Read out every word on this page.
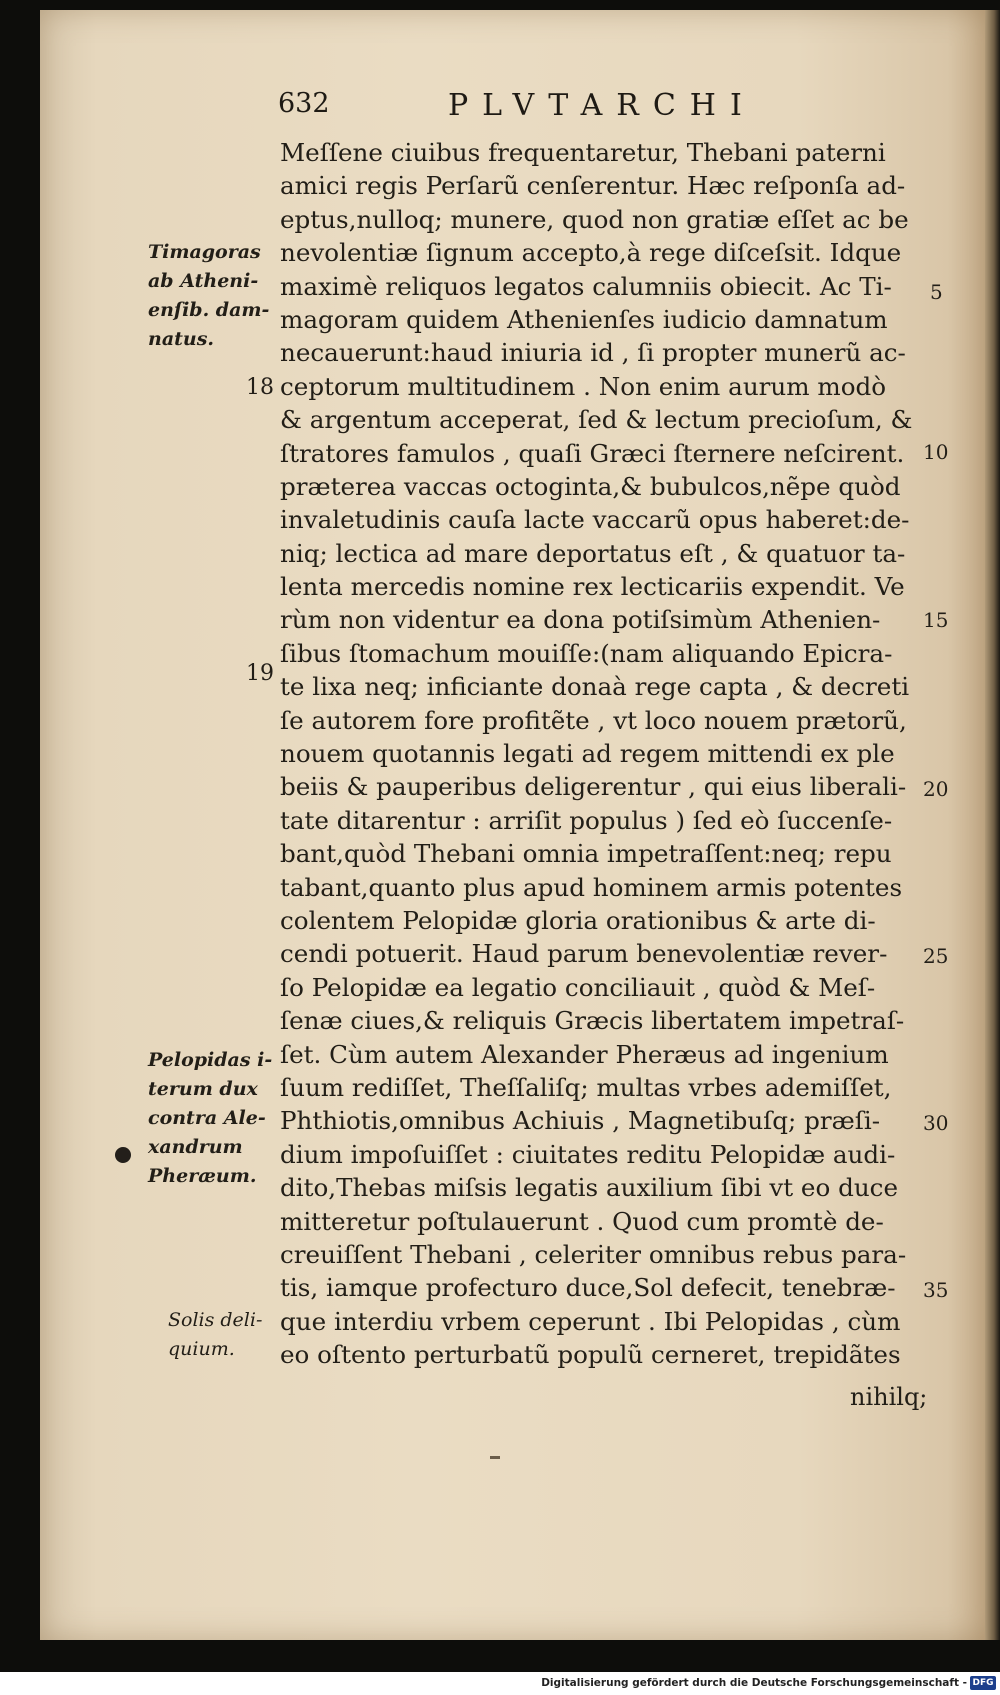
632	PLVTARCHI
Meſſene ciuibus frequentaretur, Thebani paterni
amici regis Perſarũ cenſerentur. Hæc reſponſa ad-
eptus,nulloq; munere, quod non gratiæ eſſet ac be
nevolentiæ ſignum accepto,à rege diſceſsit. Idque
maximè reliquos legatos calumniis obiecit. Ac Ti-
magoram quidem Athenienſes iudicio damnatum
necauerunt:haud iniuria id , ſi propter munerũ ac-
ceptorum multitudinem . Non enim aurum modò
& argentum acceperat, ſed & lectum precioſum, &
ſtratores famulos , quaſi Græci ſternere neſcirent.
præterea vaccas octoginta,& bubulcos,nẽpe quòd
invaletudinis cauſa lacte vaccarũ opus haberet:de-
niq; lectica ad mare deportatus eſt , & quatuor ta-
lenta mercedis nomine rex lecticariis expendit. Ve
rùm non videntur ea dona potiſsimùm Athenien-
ſibus ſtomachum mouiſſe:(nam aliquando Epicra-
te lixa neq; inficiante donaà rege capta , & decreti
ſe autorem fore profitẽte , vt loco nouem prætorũ,
nouem quotannis legati ad regem mittendi ex ple
beiis & pauperibus deligerentur , qui eius liberali-
tate ditarentur : arriſit populus ) ſed eò ſuccenſe-
bant,quòd Thebani omnia impetraſſent:neq; repu
tabant,quanto plus apud hominem armis potentes
colentem Pelopidæ gloria orationibus & arte di-
cendi potuerit. Haud parum benevolentiæ rever-
ſo Pelopidæ ea legatio conciliauit , quòd & Meſ-
ſenæ ciues,& reliquis Græcis libertatem impetraſ-
ſet. Cùm autem Alexander Pheræus ad ingenium
ſuum rediſſet, Theſſaliſq; multas vrbes ademiſſet,
Phthiotis,omnibus Achiuis , Magnetibuſq; præſi-
dium impoſuiſſet : ciuitates reditu Pelopidæ audi-
dito,Thebas miſsis legatis auxilium ſibi vt eo duce
mitteretur poſtulauerunt . Quod cum promtè de-
creuiſſent Thebani , celeriter omnibus rebus para-
tis, iamque profecturo duce,Sol defecit, tenebræ-
que interdiu vrbem ceperunt . Ibi Pelopidas , cùm
eo oſtento perturbatũ populũ cerneret, trepidãtes
nihilq;
Timagoras
ab Atheni-
enſib. dam-
natus.
Pelopidas i-
terum dux
contra Ale-
xandrum
Pheræum.
Solis deli-
quium.
18
19
5
10
15
20
25
30
35
Digitalisierung gefördert durch die Deutsche Forschungsgemeinschaft - DFG
